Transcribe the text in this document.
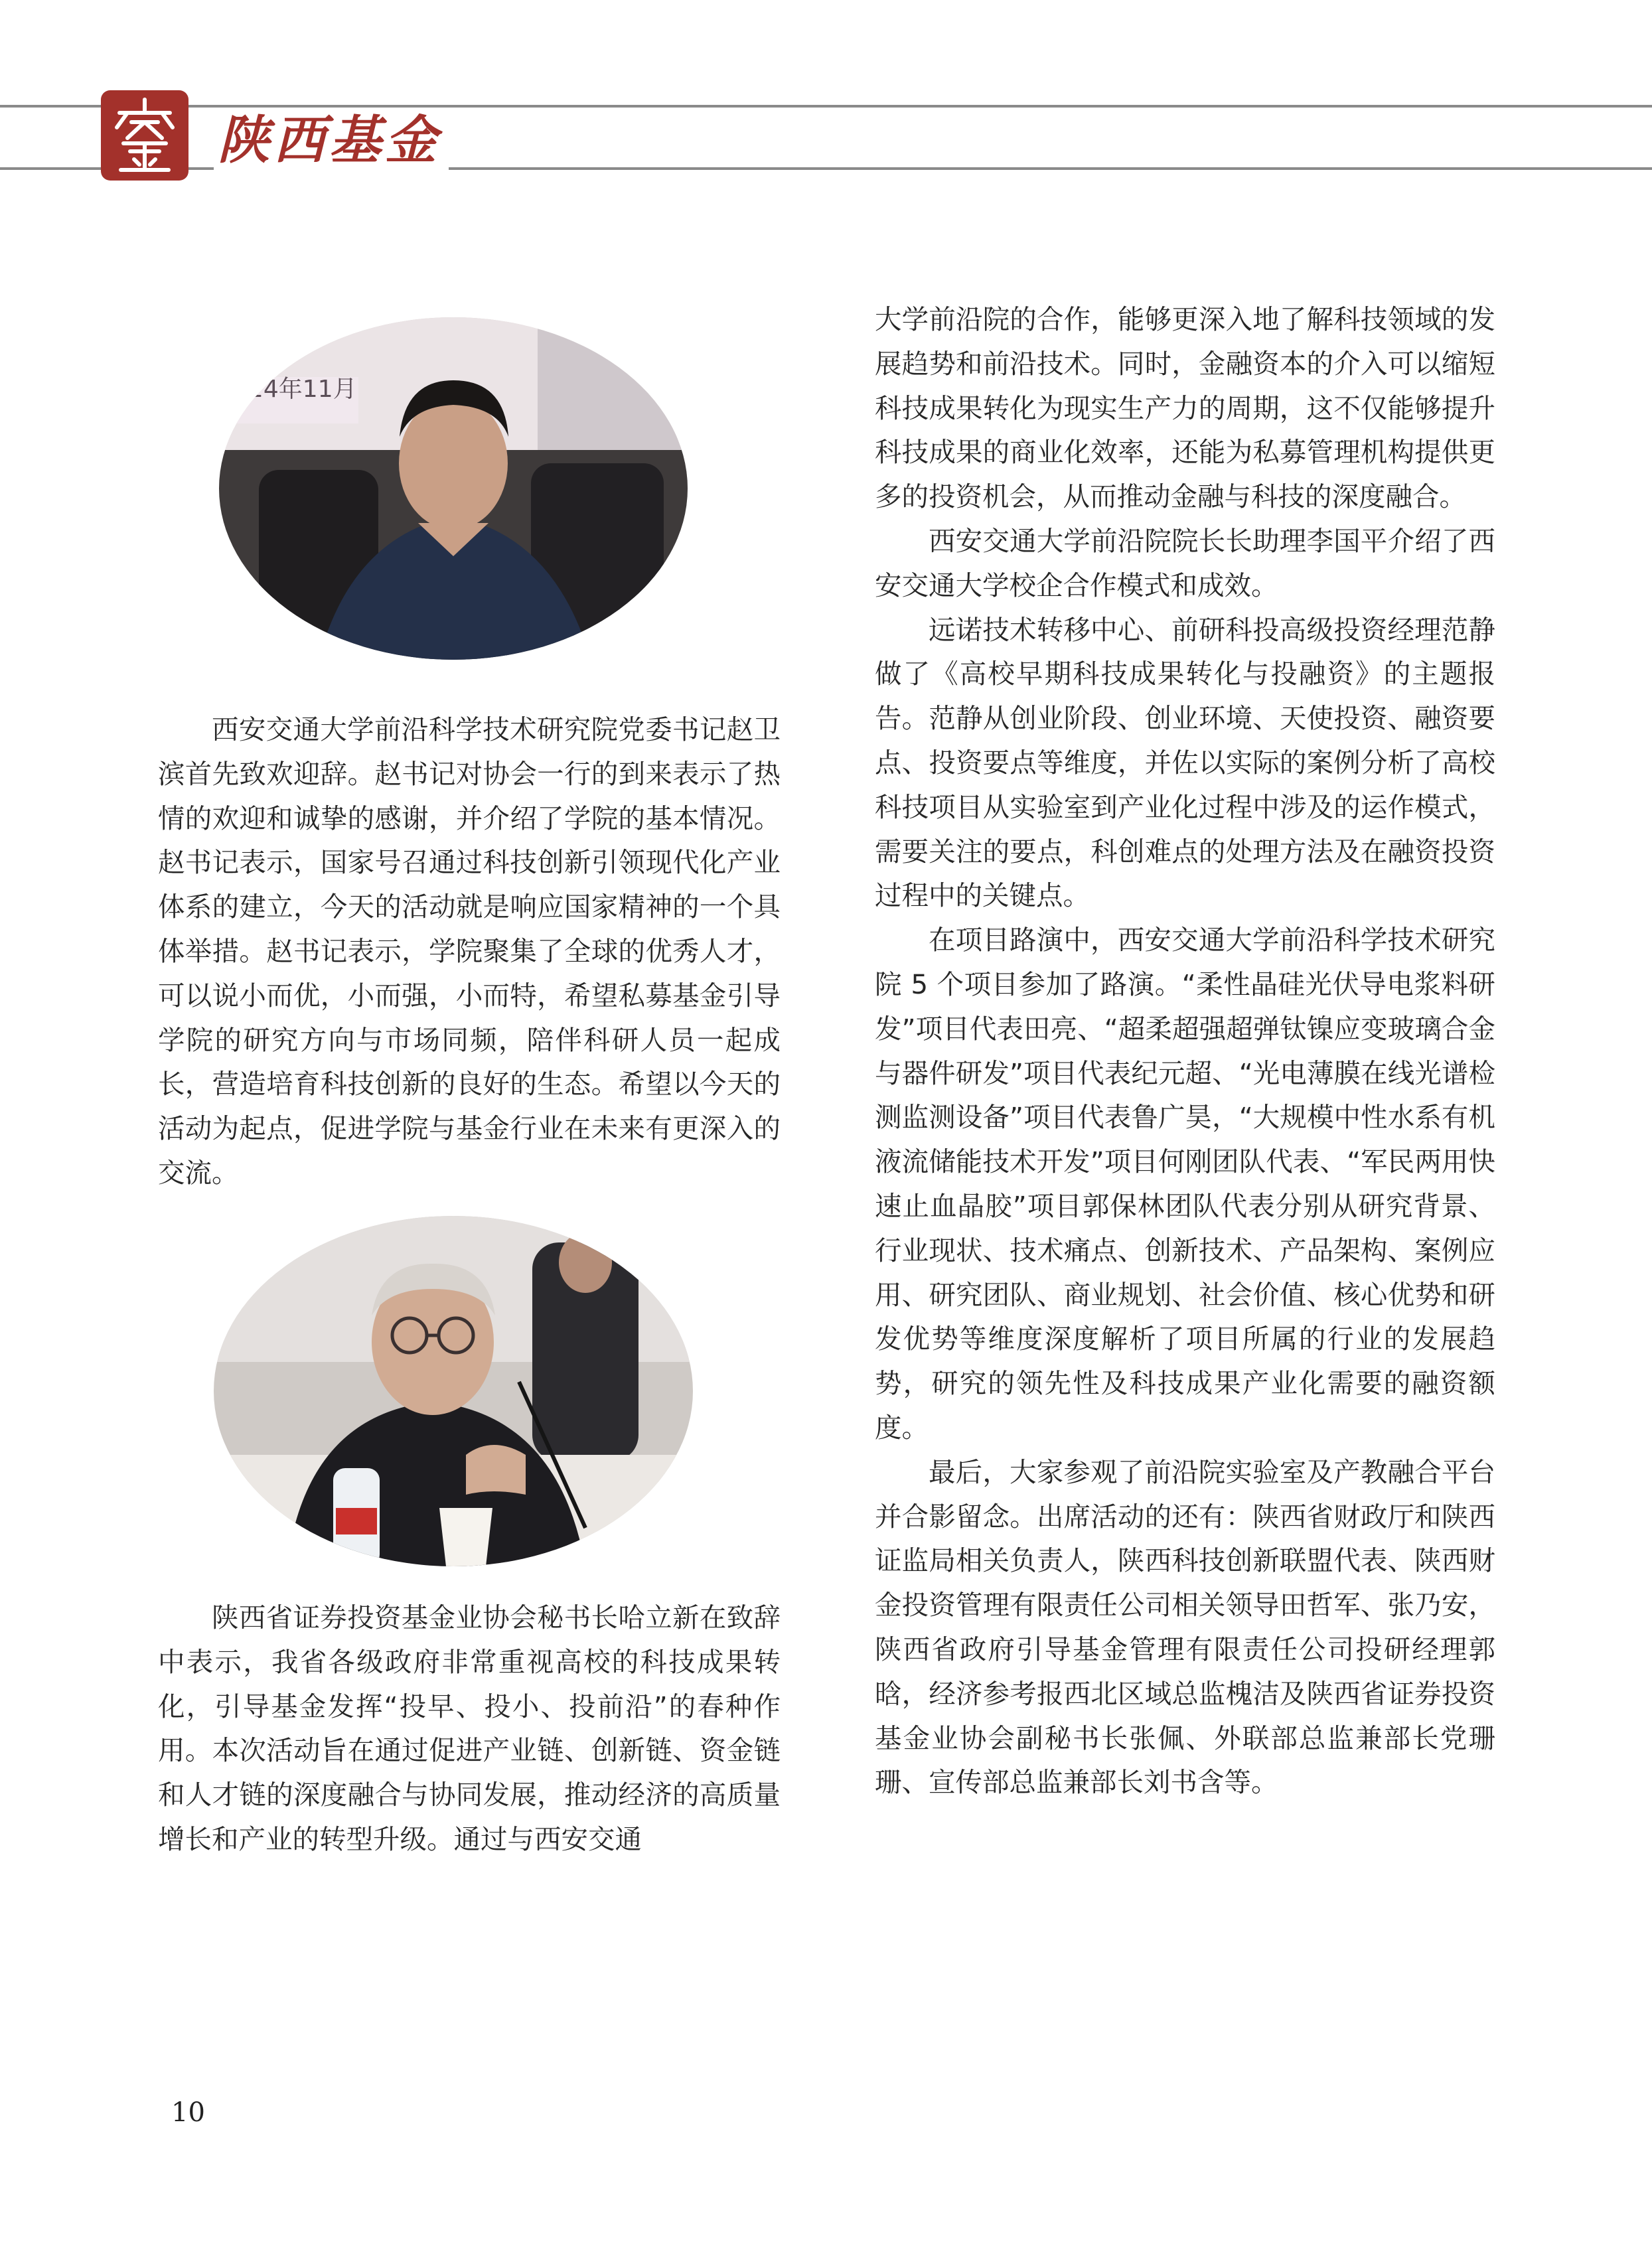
陕西基金
24年11月

西安交通大学前沿科学技术研究院党委书记赵卫滨首先致欢迎辞。赵书记对协会一行的到来表示了热情的欢迎和诚挚的感谢，并介绍了学院的基本情况。赵书记表示，国家号召通过科技创新引领现代化产业体系的建立，今天的活动就是响应国家精神的一个具体举措。赵书记表示，学院聚集了全球的优秀人才，可以说小而优，小而强，小而特，希望私募基金引导学院的研究方向与市场同频，陪伴科研人员一起成长，营造培育科技创新的良好的生态。希望以今天的活动为起点，促进学院与基金行业在未来有更深入的交流。

陕西省证券投资基金业协会秘书长哈立新在致辞中表示，我省各级政府非常重视高校的科技成果转化，引导基金发挥“投早、投小、投前沿”的春种作用。本次活动旨在通过促进产业链、创新链、资金链和人才链的深度融合与协同发展，推动经济的高质量增长和产业的转型升级。通过与西安交通

大学前沿院的合作，能够更深入地了解科技领域的发展趋势和前沿技术。同时，金融资本的介入可以缩短科技成果转化为现实生产力的周期，这不仅能够提升科技成果的商业化效率，还能为私募管理机构提供更多的投资机会，从而推动金融与科技的深度融合。

西安交通大学前沿院院长长助理李国平介绍了西安交通大学校企合作模式和成效。

远诺技术转移中心、前研科投高级投资经理范静做了《高校早期科技成果转化与投融资》的主题报告。范静从创业阶段、创业环境、天使投资、融资要点、投资要点等维度，并佐以实际的案例分析了高校科技项目从实验室到产业化过程中涉及的运作模式，需要关注的要点，科创难点的处理方法及在融资投资过程中的关键点。

在项目路演中，西安交通大学前沿科学技术研究院 5 个项目参加了路演。“柔性晶硅光伏导电浆料研发”项目代表田亮、“超柔超强超弹钛镍应变玻璃合金与器件研发”项目代表纪元超、“光电薄膜在线光谱检测监测设备”项目代表鲁广昊，“大规模中性水系有机液流储能技术开发”项目何刚团队代表、“军民两用快速止血晶胶”项目郭保林团队代表分别从研究背景、行业现状、技术痛点、创新技术、产品架构、案例应用、研究团队、商业规划、社会价值、核心优势和研发优势等维度深度解析了项目所属的行业的发展趋势，研究的领先性及科技成果产业化需要的融资额度。

最后，大家参观了前沿院实验室及产教融合平台并合影留念。出席活动的还有：陕西省财政厅和陕西证监局相关负责人，陕西科技创新联盟代表、陕西财金投资管理有限责任公司相关领导田哲军、张乃安，陕西省政府引导基金管理有限责任公司投研经理郭晗，经济参考报西北区域总监槐洁及陕西省证券投资基金业协会副秘书长张佩、外联部总监兼部长党珊珊、宣传部总监兼部长刘书含等。

10
